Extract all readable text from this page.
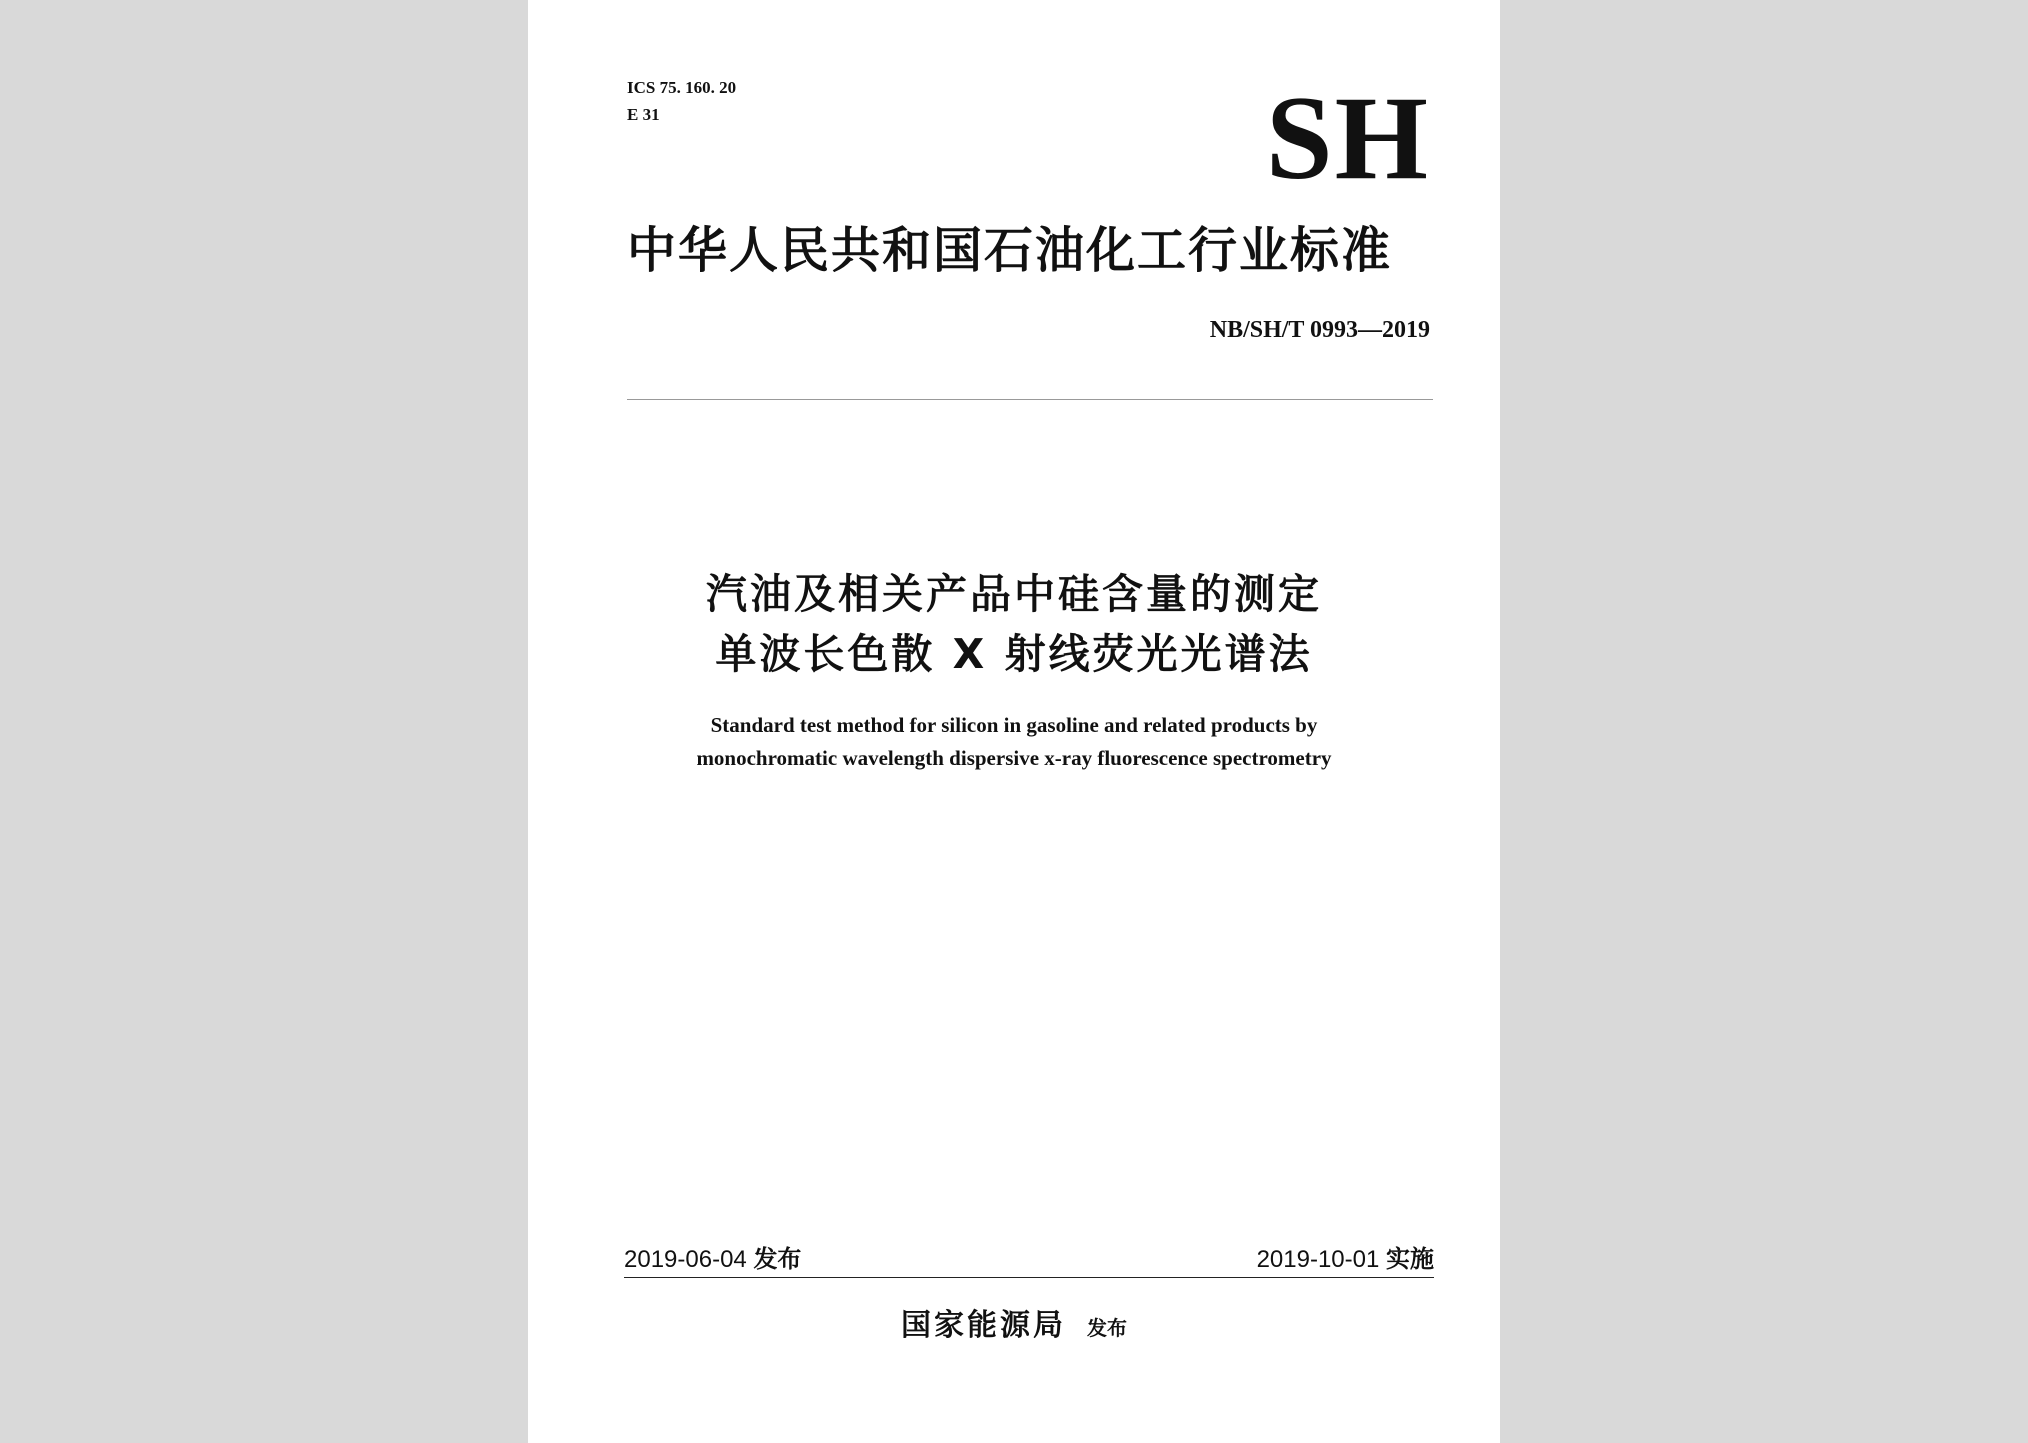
ICS 75. 160. 20
E 31	SH
中华人民共和国石油化工行业标准
NB/SH/T 0993—2019
汽油及相关产品中硅含量的测定
单波长色散 X 射线荧光光谱法
Standard test method for silicon in gasoline and related products by
monochromatic wavelength dispersive x-ray fluorescence spectrometry
2019-06-04 发布	2019-10-01 实施
国家能源局 发布
